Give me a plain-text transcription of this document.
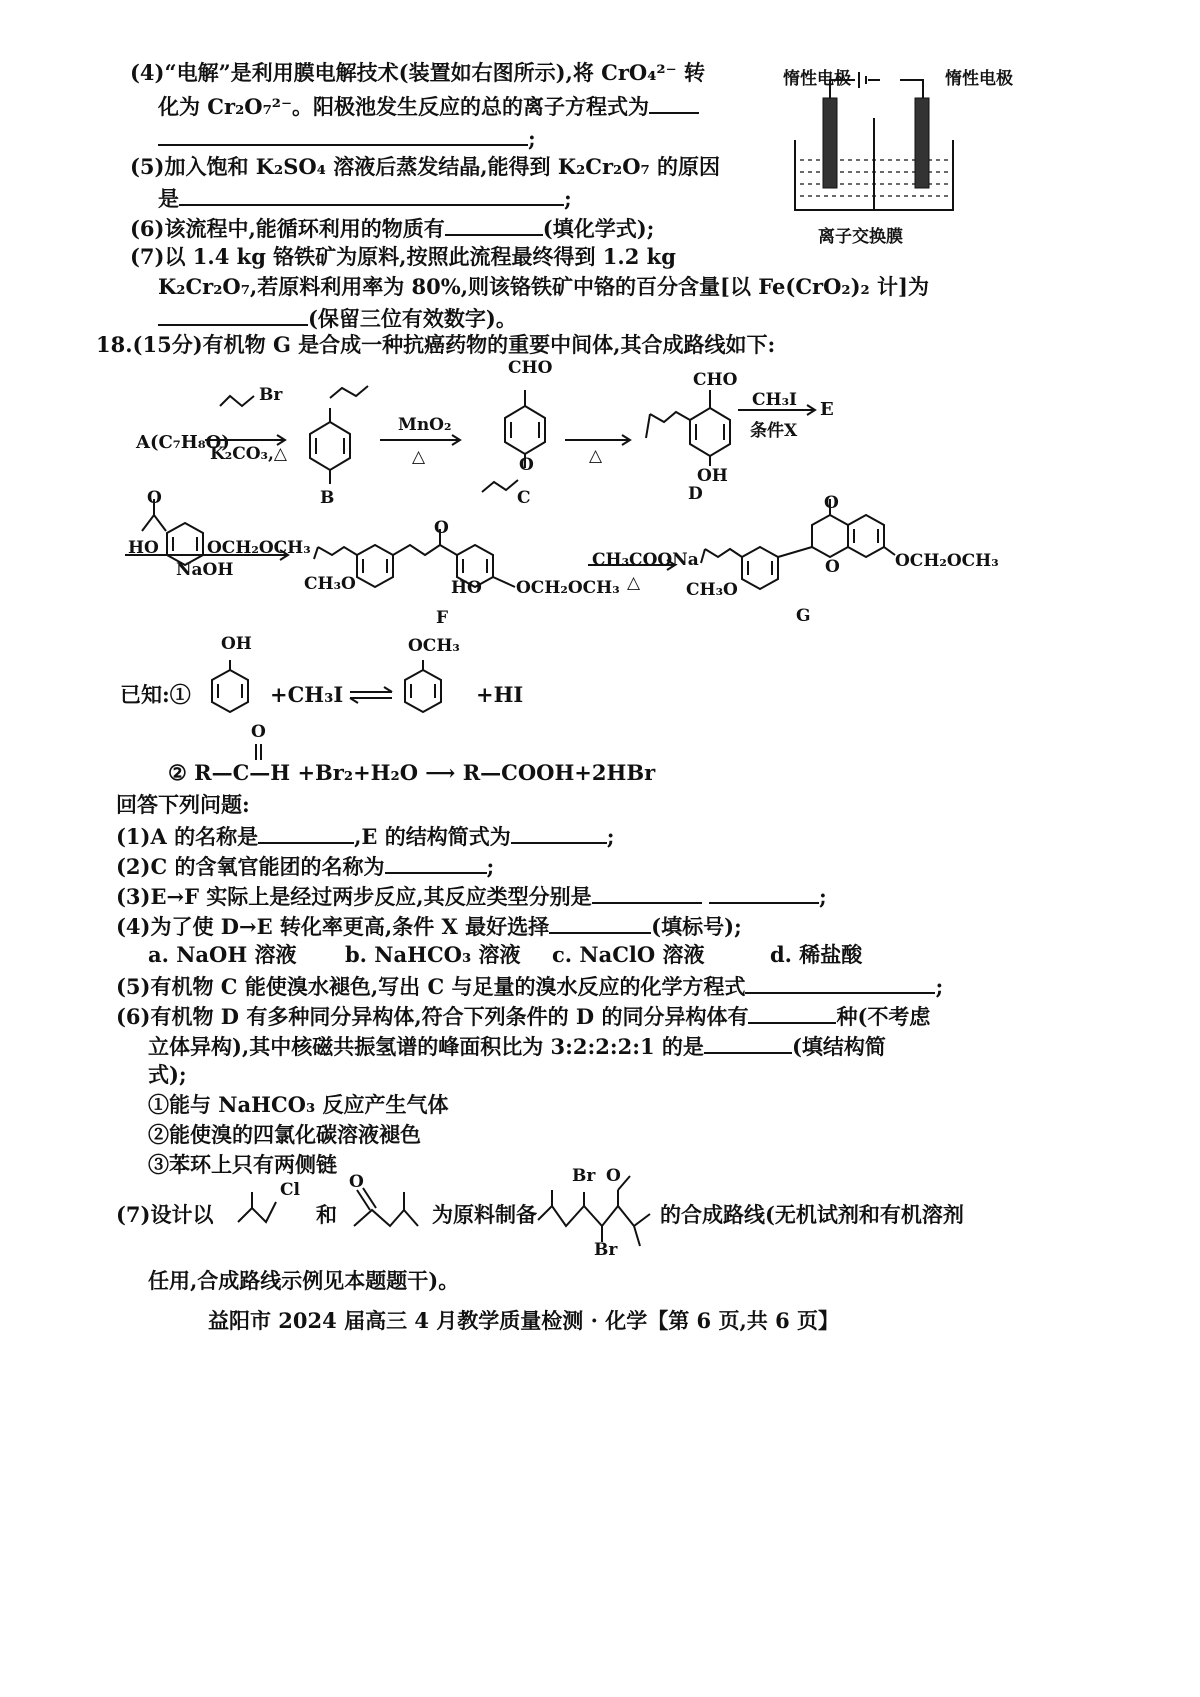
(4)“电解”是利用膜电解技术(装置如右图所示),将 CrO₄²⁻ 转
化为 Cr₂O₇²⁻。阳极池发生反应的总的离子方程式为
;
(5)加入饱和 K₂SO₄ 溶液后蒸发结晶,能得到 K₂Cr₂O₇ 的原因
是	;
(6)该流程中,能循环利用的物质有	(填化学式);
(7)以 1.4 kg 铬铁矿为原料,按照此流程最终得到 1.2 kg
K₂Cr₂O₇,若原料利用率为 80%,则该铬铁矿中铬的百分含量[以 Fe(CrO₂)₂ 计]为
(保留三位有效数字)。
惰性电极	惰性电极
离子交换膜
18.(15分)有机物 G 是合成一种抗癌药物的重要中间体,其合成路线如下:
A(C₇H₈O)
Br
K₂CO₃,△
B
MnO₂
△
CHO
O
C
△
CHO
OH
D
CH₃I
条件X
E
O
HO	OCH₂OCH₃
NaOH
O
CH₃O	HO OCH₂OCH₃
F
CH₃COONa
△
O
O	OCH₂OCH₃
CH₃O
G
已知:①
OH
+CH₃I
OCH₃
+HI
O
② R—C—H +Br₂+H₂O ⟶ R—COOH+2HBr
回答下列问题:
(1)A 的名称是	,E 的结构简式为	;
(2)C 的含氧官能团的名称为	;
(3)E→F 实际上是经过两步反应,其反应类型分别是	;
(4)为了使 D→E 转化率更高,条件 X 最好选择	(填标号);
a. NaOH 溶液 b. NaHCO₃ 溶液 c. NaClO 溶液	d. 稀盐酸
(5)有机物 C 能使溴水褪色,写出 C 与足量的溴水反应的化学方程式	;
(6)有机物 D 有多种同分异构体,符合下列条件的 D 的同分异构体有	种(不考虑
立体异构),其中核磁共振氢谱的峰面积比为 3:2:2:2:1 的是	(填结构简
式);
①能与 NaHCO₃ 反应产生气体
②能使溴的四氯化碳溶液褪色
③苯环上只有两侧链
(7)设计以
Cl
和
O
为原料制备
Br O
Br
的合成路线(无机试剂和有机溶剂
任用,合成路线示例见本题题干)。
益阳市 2024 届高三 4 月教学质量检测 · 化学【第 6 页,共 6 页】
